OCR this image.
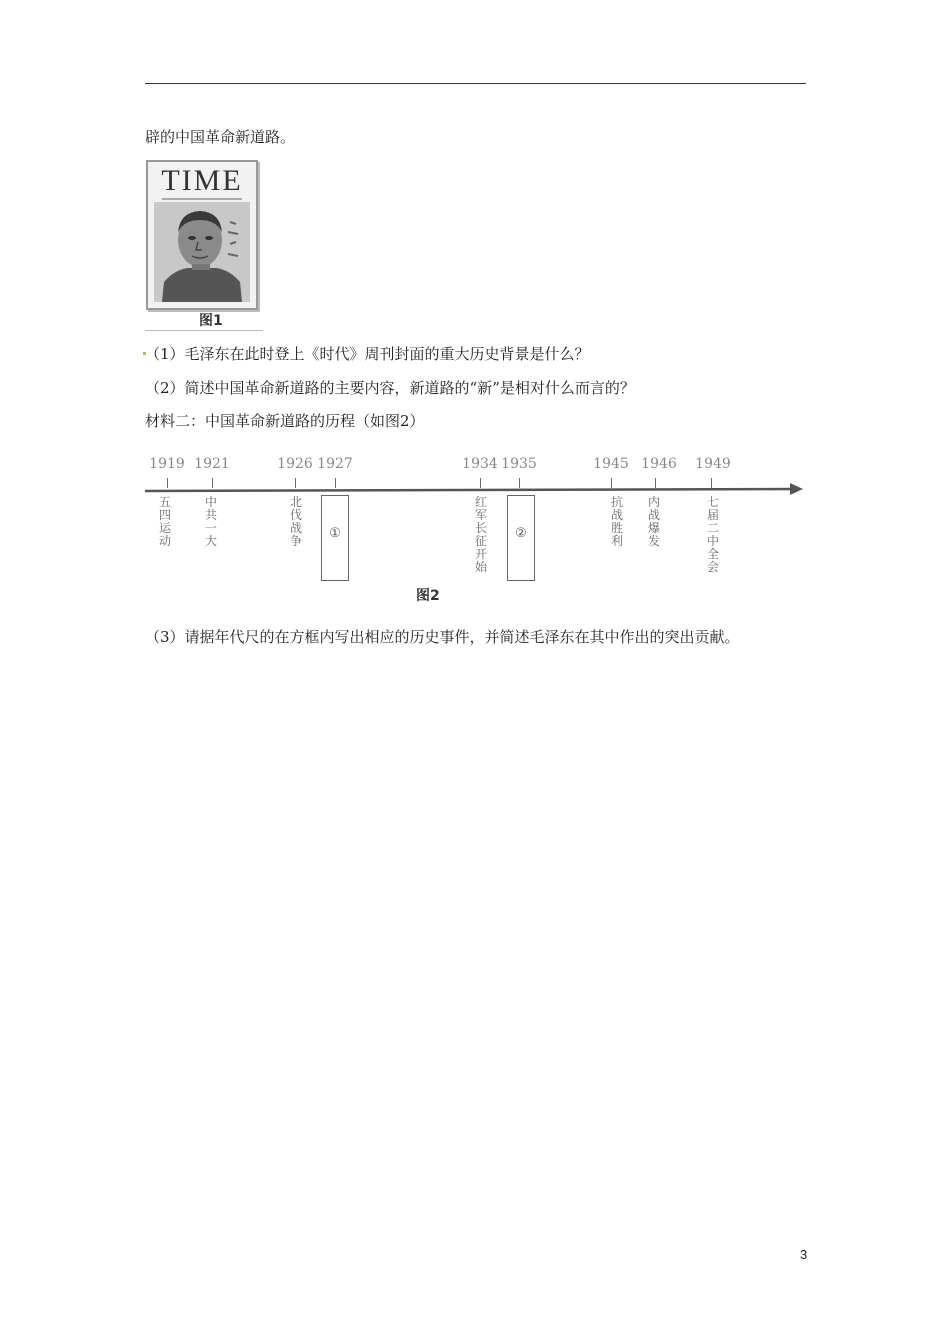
辟的中国革命新道路。
TIME
图1
（1）毛泽东在此时登上《时代》周刊封面的重大历史背景是什么？
（2）简述中国革命新道路的主要内容，新道路的“新”是相对什么而言的？
材料二：中国革命新道路的历程（如图2）
1919 1921	1926 1927	1934 1935	1945 1946 1949
五四运动
中共一大
北伐战争	①
红军长征开始
②
抗战胜利
内战爆发
七届二中全会
图2
（3）请据年代尺的在方框内写出相应的历史事件，并简述毛泽东在其中作出的突出贡献。
3
